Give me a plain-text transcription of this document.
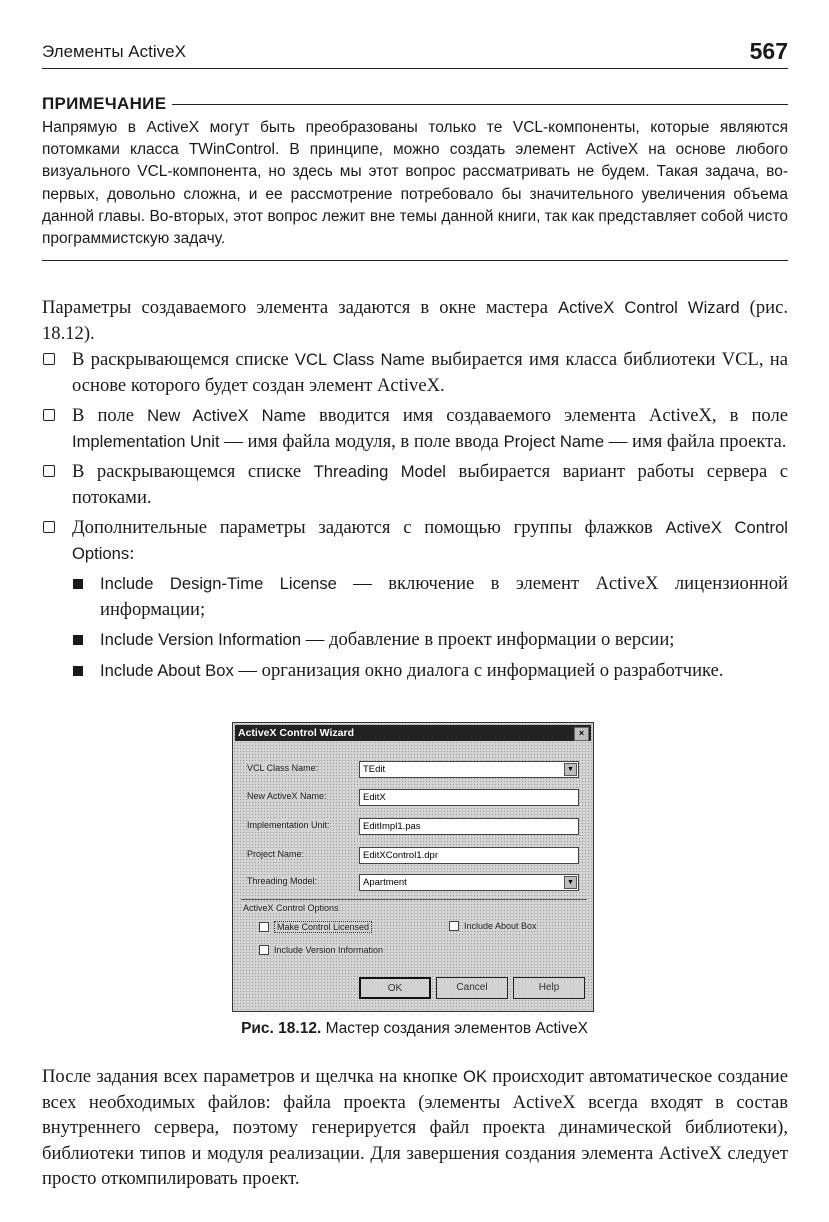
Элементы ActiveX	567
ПРИМЕЧАНИЕ
Напрямую в ActiveX могут быть преобразованы только те VCL-компоненты, которые являются потомками класса TWinControl. В принципе, можно создать элемент ActiveX на основе любого визуального VCL-компонента, но здесь мы этот вопрос рассматривать не будем. Такая задача, во-первых, довольно сложна, и ее рассмотрение потребовало бы значительного увеличения объема данной главы. Во-вторых, этот вопрос лежит вне темы данной книги, так как представляет собой чисто программистскую задачу.
Параметры создаваемого элемента задаются в окне мастера ActiveX Control Wizard (рис. 18.12).
В раскрывающемся списке VCL Class Name выбирается имя класса библиотеки VCL, на основе которого будет создан элемент ActiveX.
В поле New ActiveX Name вводится имя создаваемого элемента ActiveX, в поле Implementation Unit — имя файла модуля, в поле ввода Project Name — имя файла проекта.
В раскрывающемся списке Threading Model выбирается вариант работы сервера с потоками.
Дополнительные параметры задаются с помощью группы флажков ActiveX Control Options:
Include Design-Time License — включение в элемент ActiveX лицензионной информации;
Include Version Information — добавление в проект информации о версии;
Include About Box — организация окно диалога с информацией о разработчике.
ActiveX Control Wizard	×
VCL Class Name:	TEdit	▼
New ActiveX Name:	EditX
Implementation Unit:	EditImpl1.pas
Project Name:	EditXControl1.dpr
Threading Model:	Apartment	▼
ActiveX Control Options
Make Control Licensed	Include About Box
Include Version Information
OK	Cancel	Help
Рис. 18.12. Мастер создания элементов ActiveX
После задания всех параметров и щелчка на кнопке OK происходит автоматическое создание всех необходимых файлов: файла проекта (элементы ActiveX всегда входят в состав внутреннего сервера, поэтому генерируется файл проекта динамической библиотеки), библиотеки типов и модуля реализации. Для завершения создания элемента ActiveX следует просто откомпилировать проект.
